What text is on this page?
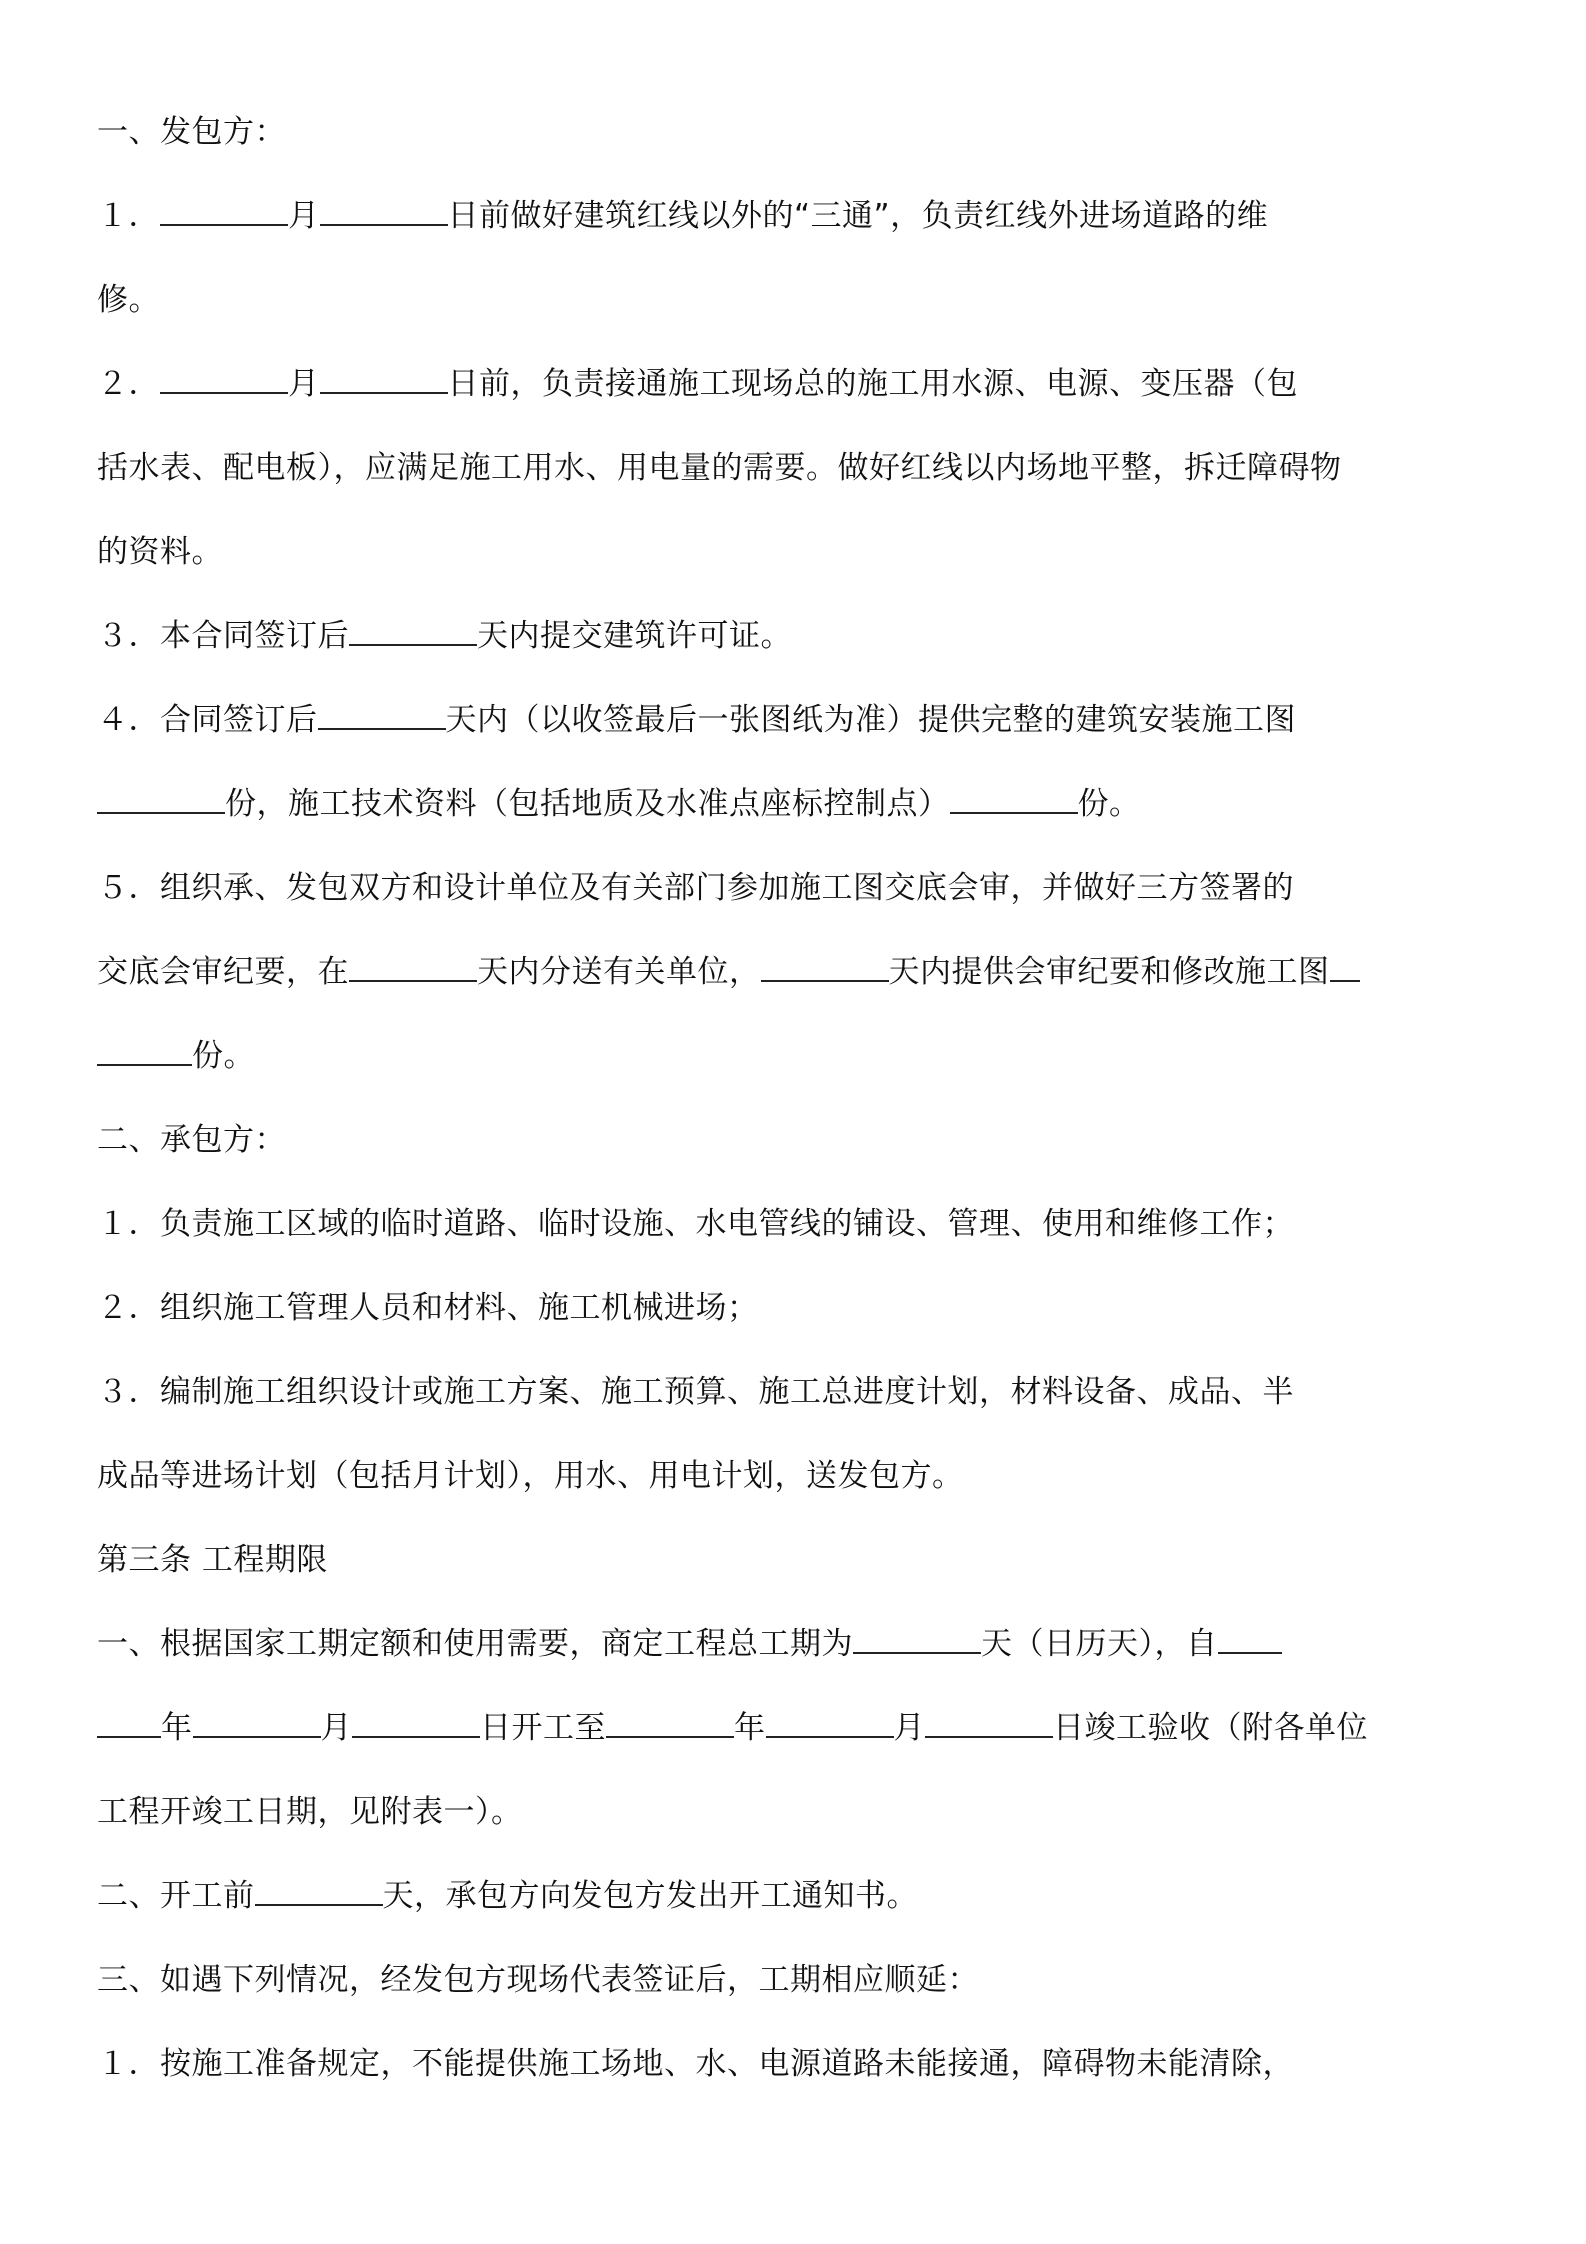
一、发包方：
１．	月	日前做好建筑红线以外的“三通”，负责红线外进场道路的维
修。
２．	月	日前，负责接通施工现场总的施工用水源、电源、变压器（包
括水表、配电板），应满足施工用水、用电量的需要。做好红线以内场地平整，拆迁障碍物
的资料。
３．本合同签订后	天内提交建筑许可证。
４．合同签订后	天内（以收签最后一张图纸为准）提供完整的建筑安装施工图
份，施工技术资料（包括地质及水准点座标控制点）	份。
５．组织承、发包双方和设计单位及有关部门参加施工图交底会审，并做好三方签署的
交底会审纪要，在	天内分送有关单位，	天内提供会审纪要和修改施工图
份。
二、承包方：
１．负责施工区域的临时道路、临时设施、水电管线的铺设、管理、使用和维修工作；
２．组织施工管理人员和材料、施工机械进场；
３．编制施工组织设计或施工方案、施工预算、施工总进度计划，材料设备、成品、半
成品等进场计划（包括月计划），用水、用电计划，送发包方。
第三条 工程期限
一、根据国家工期定额和使用需要，商定工程总工期为	天（日历天），自
年	月	日开工至	年	月	日竣工验收（附各单位
工程开竣工日期，见附表一）。
二、开工前	天，承包方向发包方发出开工通知书。
三、如遇下列情况，经发包方现场代表签证后，工期相应顺延：
１．按施工准备规定，不能提供施工场地、水、电源道路未能接通，障碍物未能清除，
